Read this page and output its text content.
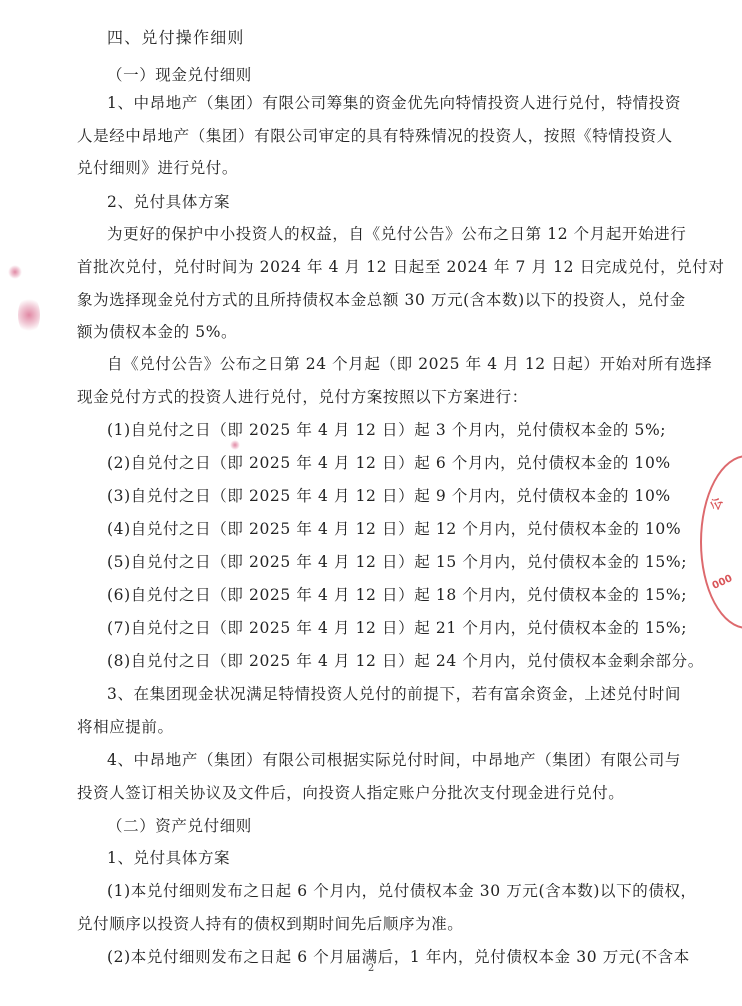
四、兑付操作细则
（一）现金兑付细则
1、中昂地产（集团）有限公司筹集的资金优先向特情投资人进行兑付，特情投资
人是经中昂地产（集团）有限公司审定的具有特殊情况的投资人，按照《特情投资人
兑付细则》进行兑付。
2、兑付具体方案
为更好的保护中小投资人的权益，自《兑付公告》公布之日第 12 个月起开始进行
首批次兑付，兑付时间为 2024 年 4 月 12 日起至 2024 年 7 月 12 日完成兑付，兑付对
象为选择现金兑付方式的且所持债权本金总额 30 万元(含本数)以下的投资人，兑付金
额为债权本金的 5%。
自《兑付公告》公布之日第 24 个月起（即 2025 年 4 月 12 日起）开始对所有选择
现金兑付方式的投资人进行兑付，兑付方案按照以下方案进行：
(1)自兑付之日（即 2025 年 4 月 12 日）起 3 个月内，兑付债权本金的 5%;
(2)自兑付之日（即 2025 年 4 月 12 日）起 6 个月内，兑付债权本金的 10%
(3)自兑付之日（即 2025 年 4 月 12 日）起 9 个月内，兑付债权本金的 10%
(4)自兑付之日（即 2025 年 4 月 12 日）起 12 个月内，兑付债权本金的 10%
(5)自兑付之日（即 2025 年 4 月 12 日）起 15 个月内，兑付债权本金的 15%;
(6)自兑付之日（即 2025 年 4 月 12 日）起 18 个月内，兑付债权本金的 15%;
(7)自兑付之日（即 2025 年 4 月 12 日）起 21 个月内，兑付债权本金的 15%;
(8)自兑付之日（即 2025 年 4 月 12 日）起 24 个月内，兑付债权本金剩余部分。
3、在集团现金状况满足特情投资人兑付的前提下，若有富余资金，上述兑付时间
将相应提前。
4、中昂地产（集团）有限公司根据实际兑付时间，中昂地产（集团）有限公司与
投资人签订相关协议及文件后，向投资人指定账户分批次支付现金进行兑付。
（二）资产兑付细则
1、兑付具体方案
(1)本兑付细则发布之日起 6 个月内，兑付债权本金 30 万元(含本数)以下的债权，
兑付顺序以投资人持有的债权到期时间先后顺序为准。
(2)本兑付细则发布之日起 6 个月届满后，1 年内，兑付债权本金 30 万元(不含本
2
公
000
